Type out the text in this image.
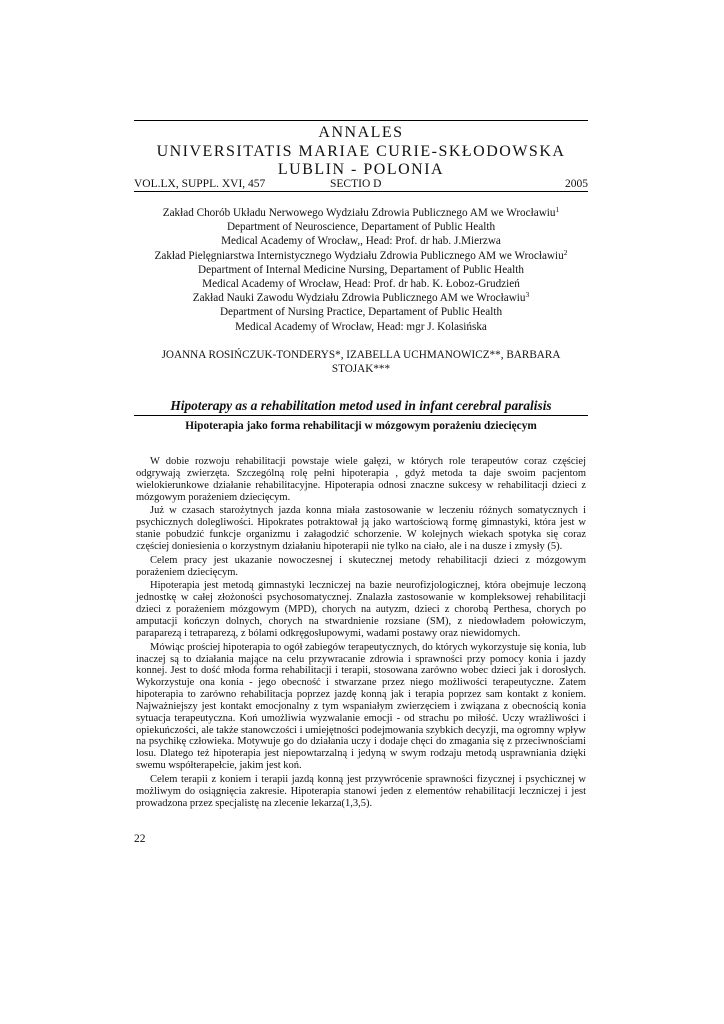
ANNALES
UNIVERSITATIS MARIAE CURIE-SKŁODOWSKA
LUBLIN - POLONIA
VOL.LX, SUPPL. XVI, 457	SECTIO D	2005
Zakład Chorób Układu Nerwowego Wydziału Zdrowia Publicznego AM we Wrocławiu$^1$
Department of Neuroscience, Departament of Public Health
Medical Academy of Wrocław,, Head: Prof. dr hab. J.Mierzwa
Zakład Pielęgniarstwa Internistycznego Wydziału Zdrowia Publicznego AM we Wrocławiu$^2$
Department of Internal Medicine Nursing, Departament of Public Health
Medical Academy of Wrocław, Head: Prof. dr hab. K. Łoboz-Grudzień
Zakład Nauki Zawodu Wydziału Zdrowia Publicznego AM we Wrocławiu$^3$
Department of Nursing Practice, Departament of Public Health
Medical Academy of Wrocław, Head: mgr J. Kolasińska
JOANNA ROSIŃCZUK-TONDERYS*, IZABELLA UCHMANOWICZ**, BARBARA
STOJAK***
Hipoterapy as a rehabilitation metod used in infant cerebral paralisis
Hipoterapia jako forma rehabilitacji w mózgowym porażeniu dziecięcym

W dobie rozwoju rehabilitacji powstaje wiele gałęzi, w których role terapeutów coraz częściej odgrywają zwierzęta. Szczególną rolę pełni hipoterapia , gdyż metoda ta daje swoim pacjentom wielokierunkowe działanie rehabilitacyjne. Hipoterapia odnosi znaczne sukcesy w rehabilitacji dzieci z mózgowym porażeniem dziecięcym.

Już w czasach starożytnych jazda konna miała zastosowanie w leczeniu różnych somatycznych i psychicznych dolegliwości. Hipokrates potraktował ją jako wartościową formę gimnastyki, która jest w stanie pobudzić funkcje organizmu i załagodzić schorzenie. W kolejnych wiekach spotyka się coraz częściej doniesienia o korzystnym działaniu hipoterapii nie tylko na ciało, ale i na dusze i zmysły (5).

Celem pracy jest ukazanie nowoczesnej i skutecznej metody rehabilitacji dzieci z mózgowym porażeniem dziecięcym.

Hipoterapia jest metodą gimnastyki leczniczej na bazie neurofizjologicznej, która obejmuje leczoną jednostkę w całej złożoności psychosomatycznej. Znalazła zastosowanie w kompleksowej rehabilitacji dzieci z porażeniem mózgowym (MPD), chorych na autyzm, dzieci z chorobą Perthesa, chorych po amputacji kończyn dolnych, chorych na stwardnienie rozsiane (SM), z niedowładem połowiczym, paraparezą i tetraparezą, z bólami odkręgosłupowymi, wadami postawy oraz niewidomych.

Mówiąc prościej hipoterapia to ogół zabiegów terapeutycznych, do których wykorzystuje się konia, lub inaczej są to działania mające na celu przywracanie zdrowia i sprawności przy pomocy konia i jazdy konnej. Jest to dość młoda forma rehabilitacji i terapii, stosowana zarówno wobec dzieci jak i dorosłych. Wykorzystuje ona konia - jego obecność i stwarzane przez niego możliwości terapeutyczne. Zatem hipoterapia to zarówno rehabilitacja poprzez jazdę konną jak i terapia poprzez sam kontakt z koniem. Najważniejszy jest kontakt emocjonalny z tym wspaniałym zwierzęciem i związana z obecnością konia sytuacja terapeutyczna. Koń umożliwia wyzwalanie emocji - od strachu po miłość. Uczy wrażliwości i opiekuńczości, ale także stanowczości i umiejętności podejmowania szybkich decyzji, ma ogromny wpływ na psychikę człowieka. Motywuje go do działania uczy i dodaje chęci do zmagania się z przeciwnościami losu. Dlatego też hipoterapia jest niepowtarzalną i jedyną w swym rodzaju metodą usprawniania dzięki swemu współterapełcie, jakim jest koń.

Celem terapii z koniem i terapii jazdą konną jest przywrócenie sprawności fizycznej i psychicznej w możliwym do osiągnięcia zakresie. Hipoterapia stanowi jeden z elementów rehabilitacji leczniczej i jest prowadzona przez specjalistę na zlecenie lekarza(1,3,5).

22
